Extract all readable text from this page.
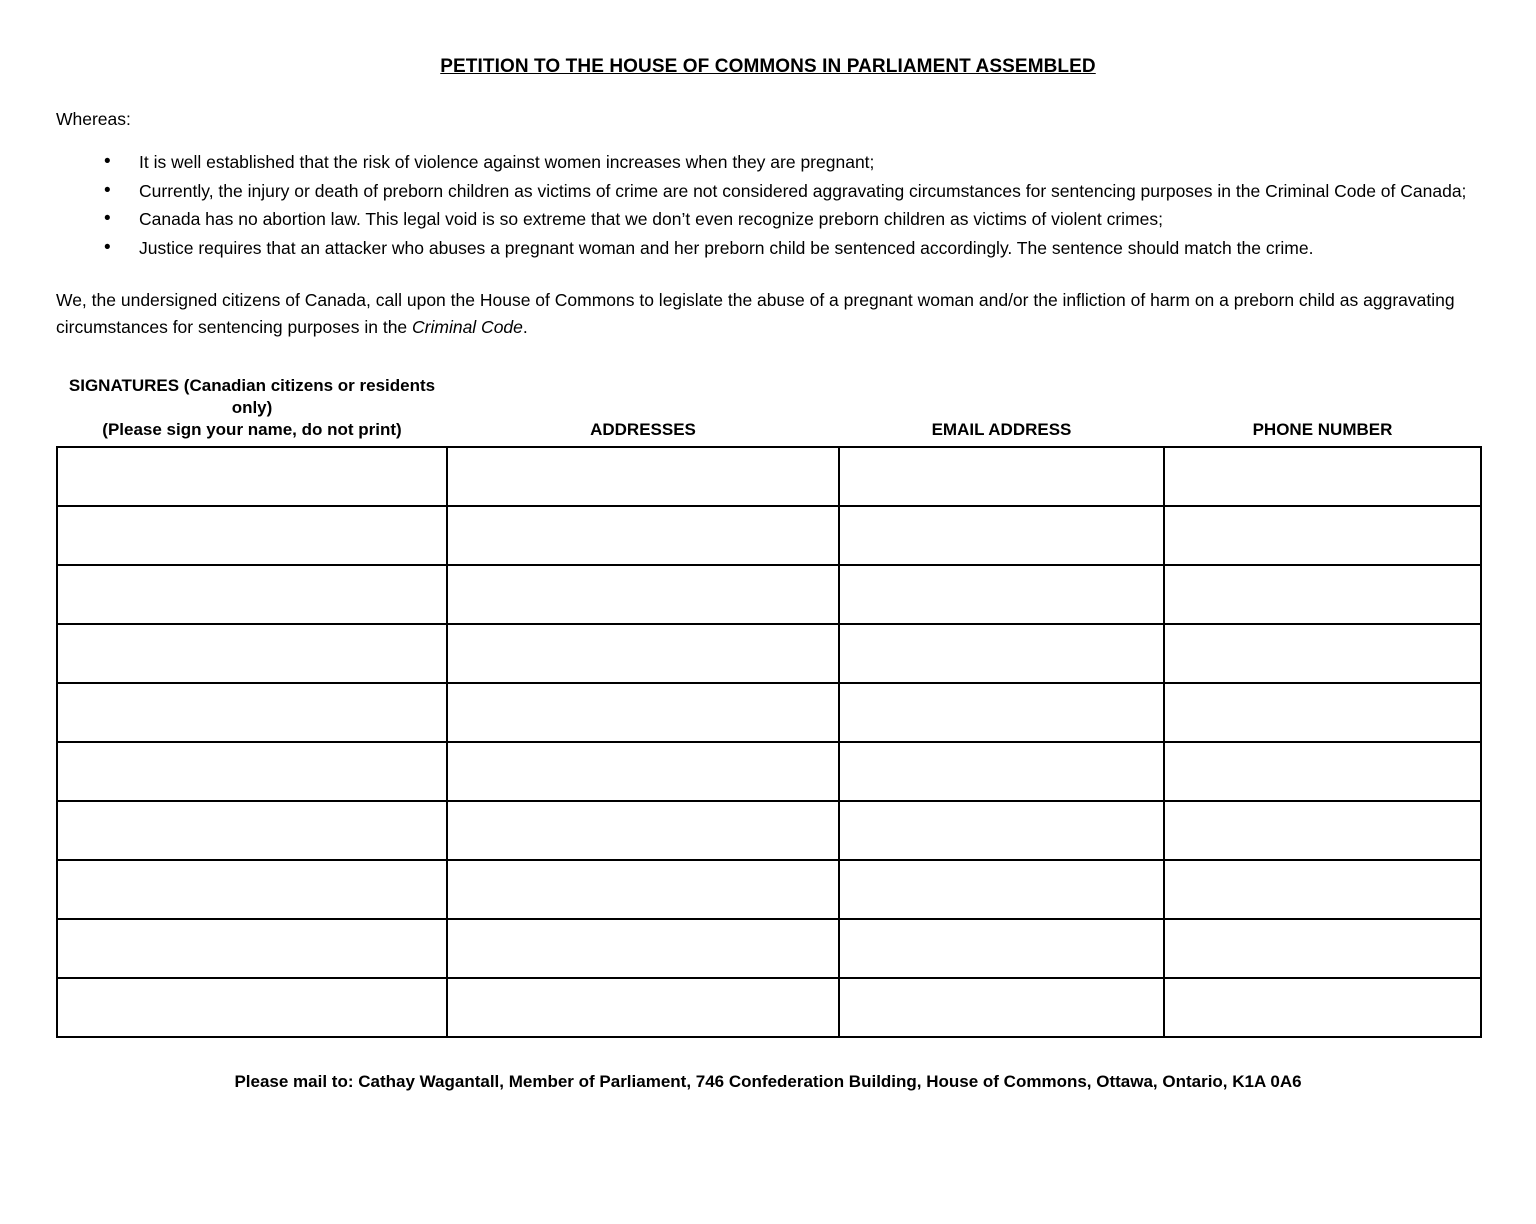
PETITION TO THE HOUSE OF COMMONS IN PARLIAMENT ASSEMBLED

Whereas:

• It is well established that the risk of violence against women increases when they are pregnant;
• Currently, the injury or death of preborn children as victims of crime are not considered aggravating circumstances for sentencing purposes in the Criminal Code of Canada;
• Canada has no abortion law. This legal void is so extreme that we don’t even recognize preborn children as victims of violent crimes;
• Justice requires that an attacker who abuses a pregnant woman and her preborn child be sentenced accordingly. The sentence should match the crime.

We, the undersigned citizens of Canada, call upon the House of Commons to legislate the abuse of a pregnant woman and/or the infliction of harm on a preborn child as aggravating circumstances for sentencing purposes in the Criminal Code.

SIGNATURES (Canadian citizens or residents
only)
(Please sign your name, do not print)	ADDRESSES	EMAIL ADDRESS	PHONE NUMBER

Please mail to: Cathay Wagantall, Member of Parliament, 746 Confederation Building, House of Commons, Ottawa, Ontario, K1A 0A6
